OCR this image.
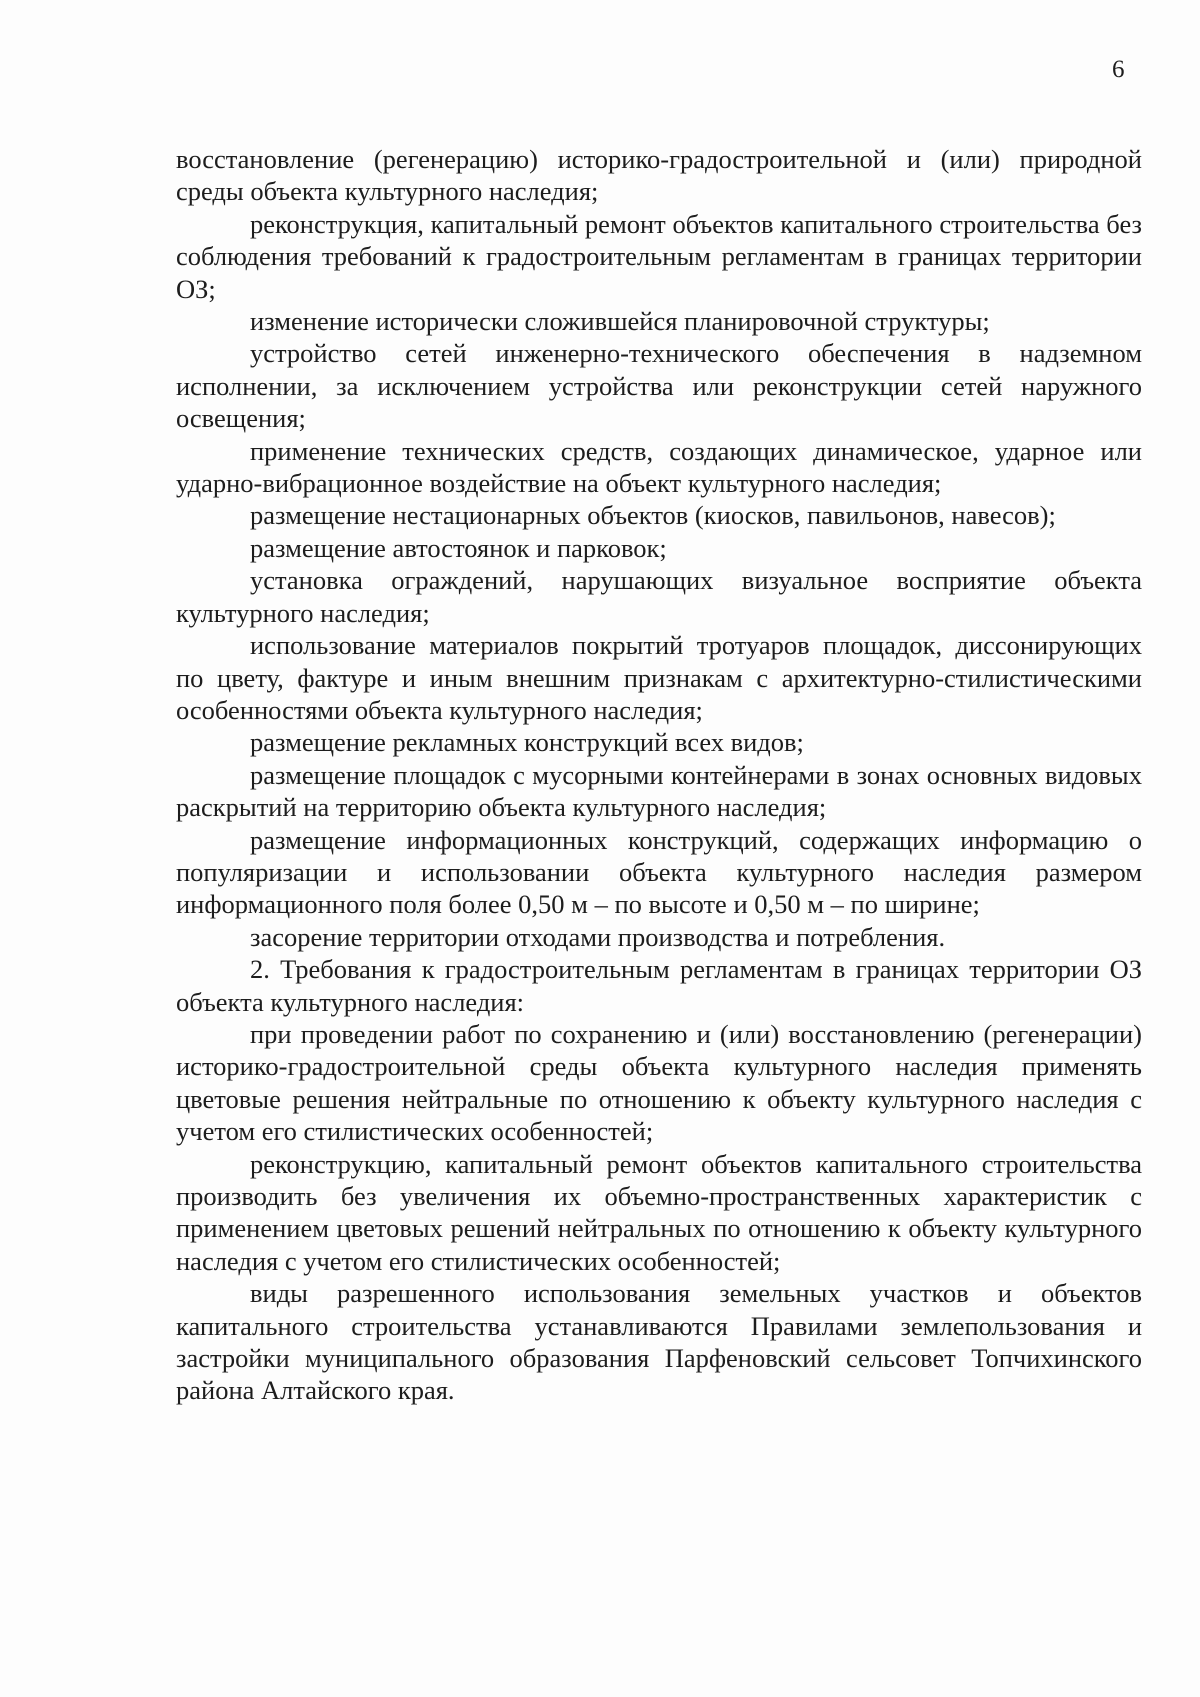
6

восстановление (регенерацию) историко-градостроительной и (или) природной среды объекта культурного наследия;

реконструкция, капитальный ремонт объектов капитального строительства без соблюдения требований к градостроительным регламентам в границах территории ОЗ;

изменение исторически сложившейся планировочной структуры;

устройство сетей инженерно-технического обеспечения в надземном исполнении, за исключением устройства или реконструкции сетей наружного освещения;

применение технических средств, создающих динамическое, ударное или ударно-вибрационное воздействие на объект культурного наследия;

размещение нестационарных объектов (киосков, павильонов, навесов);

размещение автостоянок и парковок;

установка ограждений, нарушающих визуальное восприятие объекта культурного наследия;

использование материалов покрытий тротуаров площадок, диссонирующих по цвету, фактуре и иным внешним признакам с архитектурно-стилистическими особенностями объекта культурного наследия;

размещение рекламных конструкций всех видов;

размещение площадок с мусорными контейнерами в зонах основных видовых раскрытий на территорию объекта культурного наследия;

размещение информационных конструкций, содержащих информацию о популяризации и использовании объекта культурного наследия размером информационного поля более 0,50 м – по высоте и 0,50 м – по ширине;

засорение территории отходами производства и потребления.

2. Требования к градостроительным регламентам в границах территории ОЗ объекта культурного наследия:

при проведении работ по сохранению и (или) восстановлению (регенерации) историко-градостроительной среды объекта культурного наследия применять цветовые решения нейтральные по отношению к объекту культурного наследия с учетом его стилистических особенностей;

реконструкцию, капитальный ремонт объектов капитального строительства производить без увеличения их объемно-пространственных характеристик с применением цветовых решений нейтральных по отношению к объекту культурного наследия с учетом его стилистических особенностей;

виды разрешенного использования земельных участков и объектов капитального строительства устанавливаются Правилами землепользования и застройки муниципального образования Парфеновский сельсовет Топчихинского района Алтайского края.
